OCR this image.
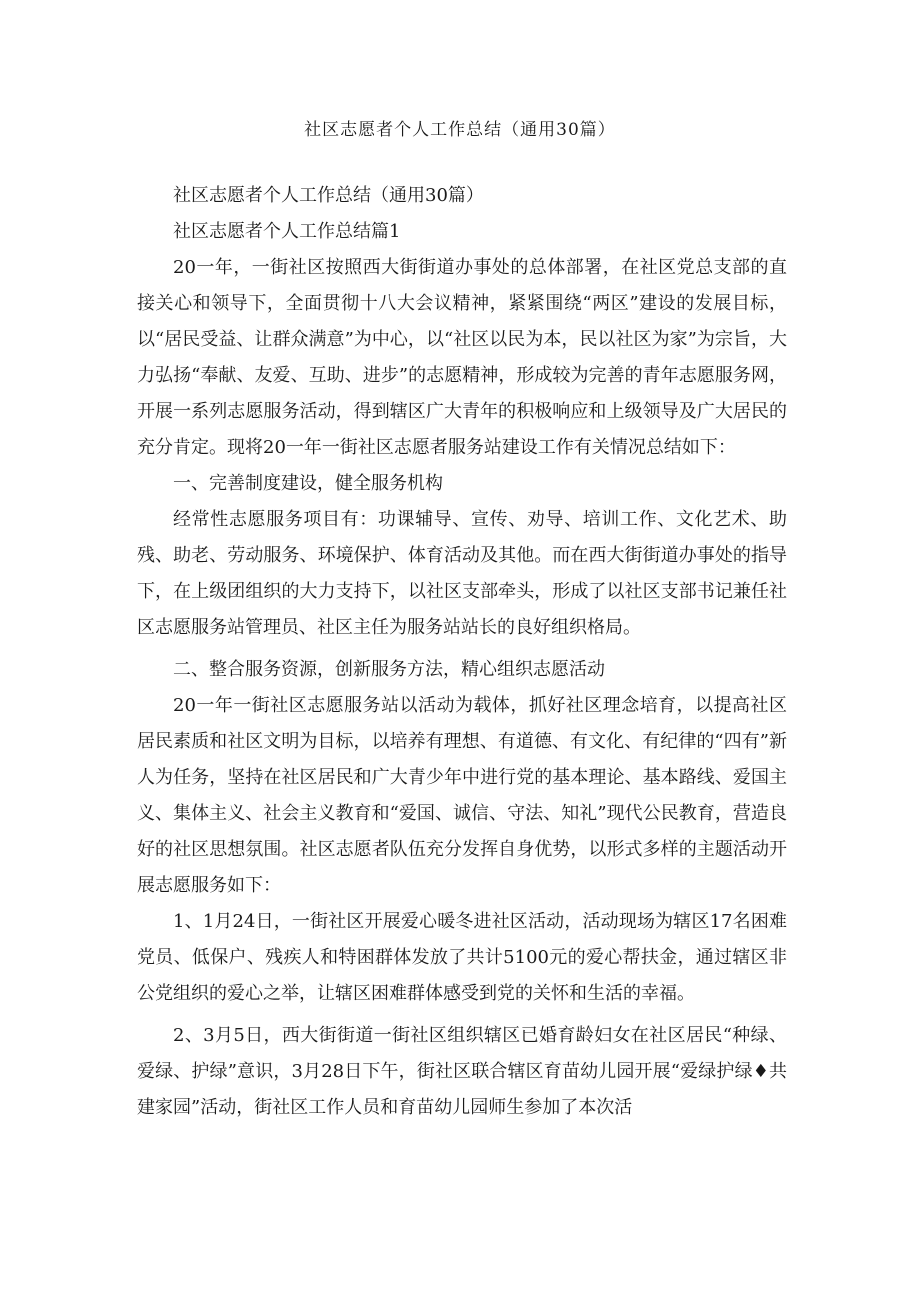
社区志愿者个人工作总结（通用30篇）

社区志愿者个人工作总结（通用30篇）

社区志愿者个人工作总结篇1

20一年，一街社区按照西大街街道办事处的总体部署，在社区党总支部的直接关心和领导下，全面贯彻十八大会议精神，紧紧围绕“两区”建设的发展目标，以“居民受益、让群众满意”为中心，以“社区以民为本，民以社区为家”为宗旨，大力弘扬“奉献、友爱、互助、进步”的志愿精神，形成较为完善的青年志愿服务网，开展一系列志愿服务活动，得到辖区广大青年的积极响应和上级领导及广大居民的充分肯定。现将20一年一街社区志愿者服务站建设工作有关情况总结如下：

一、完善制度建设，健全服务机构

经常性志愿服务项目有：功课辅导、宣传、劝导、培训工作、文化艺术、助残、助老、劳动服务、环境保护、体育活动及其他。而在西大街街道办事处的指导下，在上级团组织的大力支持下，以社区支部牵头，形成了以社区支部书记兼任社区志愿服务站管理员、社区主任为服务站站长的良好组织格局。

二、整合服务资源，创新服务方法，精心组织志愿活动

20一年一街社区志愿服务站以活动为载体，抓好社区理念培育，以提高社区居民素质和社区文明为目标，以培养有理想、有道德、有文化、有纪律的“四有”新人为任务，坚持在社区居民和广大青少年中进行党的基本理论、基本路线、爱国主义、集体主义、社会主义教育和“爱国、诚信、守法、知礼”现代公民教育，营造良好的社区思想氛围。社区志愿者队伍充分发挥自身优势，以形式多样的主题活动开展志愿服务如下：

1、1月24日，一街社区开展爱心暖冬进社区活动，活动现场为辖区17名困难党员、低保户、残疾人和特困群体发放了共计5100元的爱心帮扶金，通过辖区非公党组织的爱心之举，让辖区困难群体感受到党的关怀和生活的幸福。

2、3月5日，西大街街道一街社区组织辖区已婚育龄妇女在社区居民“种绿、爱绿、护绿”意识，3月28日下午，街社区联合辖区育苗幼儿园开展“爱绿护绿♦共建家园”活动，街社区工作人员和育苗幼儿园师生参加了本次活
